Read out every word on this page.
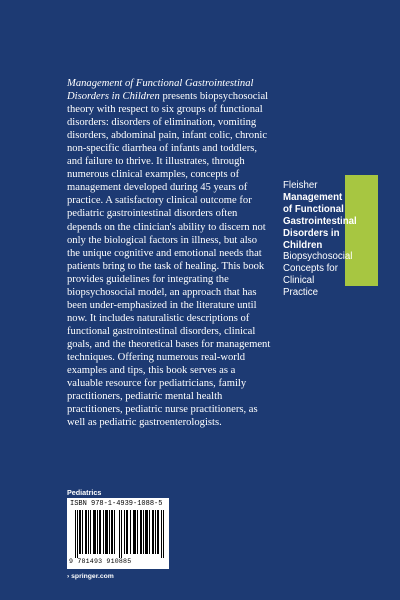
Management of Functional Gastrointestinal Disorders in Children presents biopsychosocial theory with respect to six groups of functional disorders: disorders of elimination, vomiting disorders, abdominal pain, infant colic, chronic non-specific diarrhea of infants and toddlers, and failure to thrive. It illustrates, through numerous clinical examples, concepts of management developed during 45 years of practice. A satisfactory clinical outcome for pediatric gastrointestinal disorders often depends on the clinician's ability to discern not only the biological factors in illness, but also the unique cognitive and emotional needs that patients bring to the task of healing. This book provides guidelines for integrating the biopsychosocial model, an approach that has been under-emphasized in the literature until now. It includes naturalistic descriptions of functional gastrointestinal disorders, clinical goals, and the theoretical bases for management techniques. Offering numerous real-world examples and tips, this book serves as a valuable resource for pediatricians, family practitioners, pediatric mental health practitioners, pediatric nurse practitioners, as well as pediatric gastroenterologists.
Fleisher
Management of Functional Gastrointestinal Disorders in Children
Biopsychosocial Concepts for Clinical Practice
Pediatrics
ISBN 978-1-4939-1088-5
9 781493 910885
› springer.com
